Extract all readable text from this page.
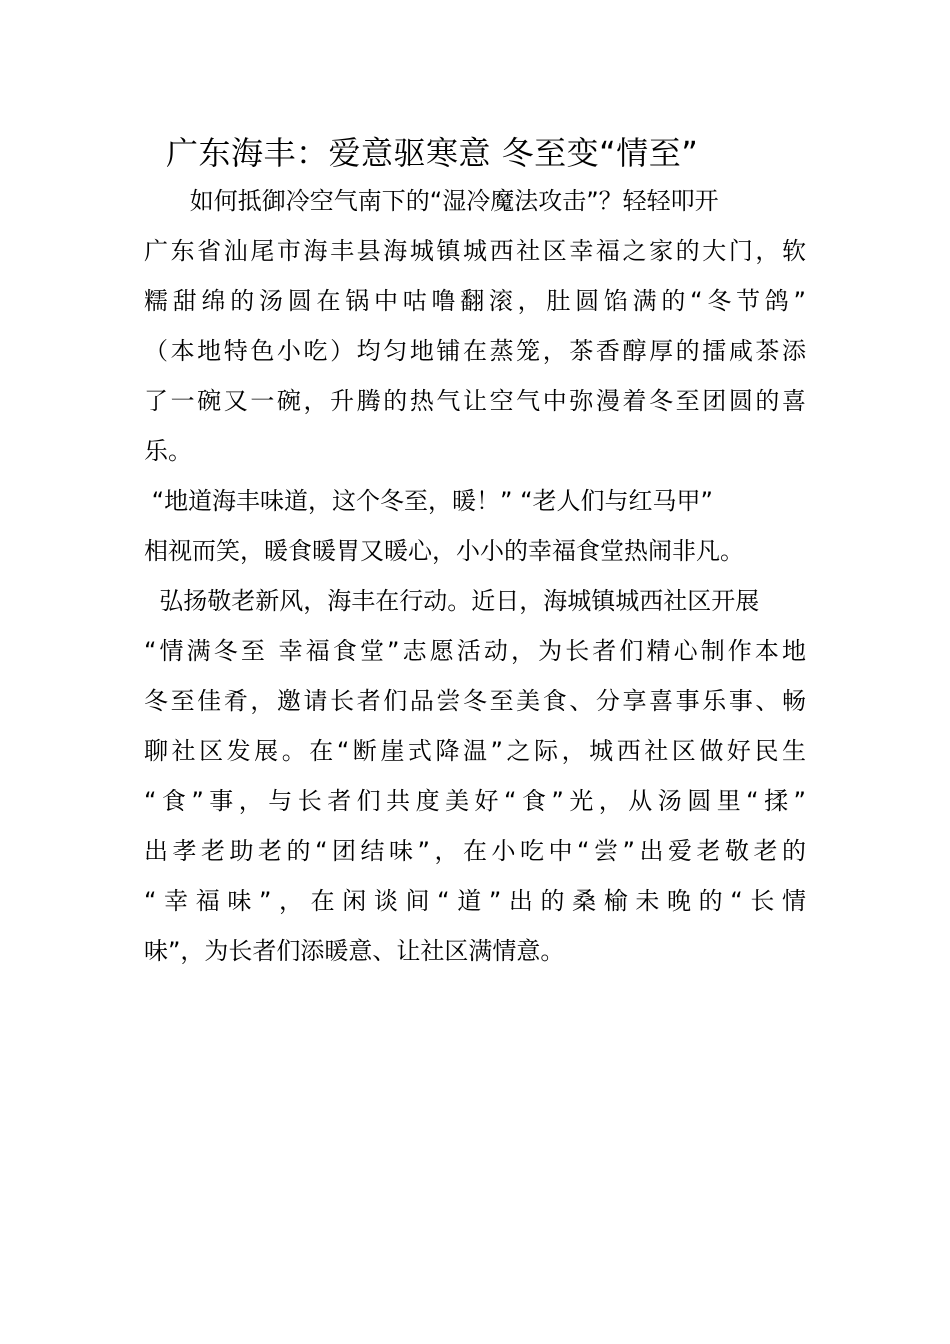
广东海丰：爱意驱寒意 冬至变“情至”
如何抵御冷空气南下的“湿冷魔法攻击”？轻轻叩开
广东省汕尾市海丰县海城镇城西社区幸福之家的大门，软
糯甜绵的汤圆在锅中咕噜翻滚，肚圆馅满的“冬节鸽”
（本地特色小吃）均匀地铺在蒸笼，茶香醇厚的擂咸茶添
了一碗又一碗，升腾的热气让空气中弥漫着冬至团圆的喜
乐。
“地道海丰味道，这个冬至，暖！” “老人们与红马甲”
相视而笑，暖食暖胃又暖心，小小的幸福食堂热闹非凡。
弘扬敬老新风，海丰在行动。近日，海城镇城西社区开展
“情满冬至 幸福食堂”志愿活动，为长者们精心制作本地
冬至佳肴，邀请长者们品尝冬至美食、分享喜事乐事、畅
聊社区发展。在“断崖式降温”之际，城西社区做好民生
“食”事，与长者们共度美好“食”光，从汤圆里“揉”
出孝老助老的“团结味”，在小吃中“尝”出爱老敬老的
“幸福味”，在闲谈间“道”出的桑榆未晚的“长情
味”，为长者们添暖意、让社区满情意。
